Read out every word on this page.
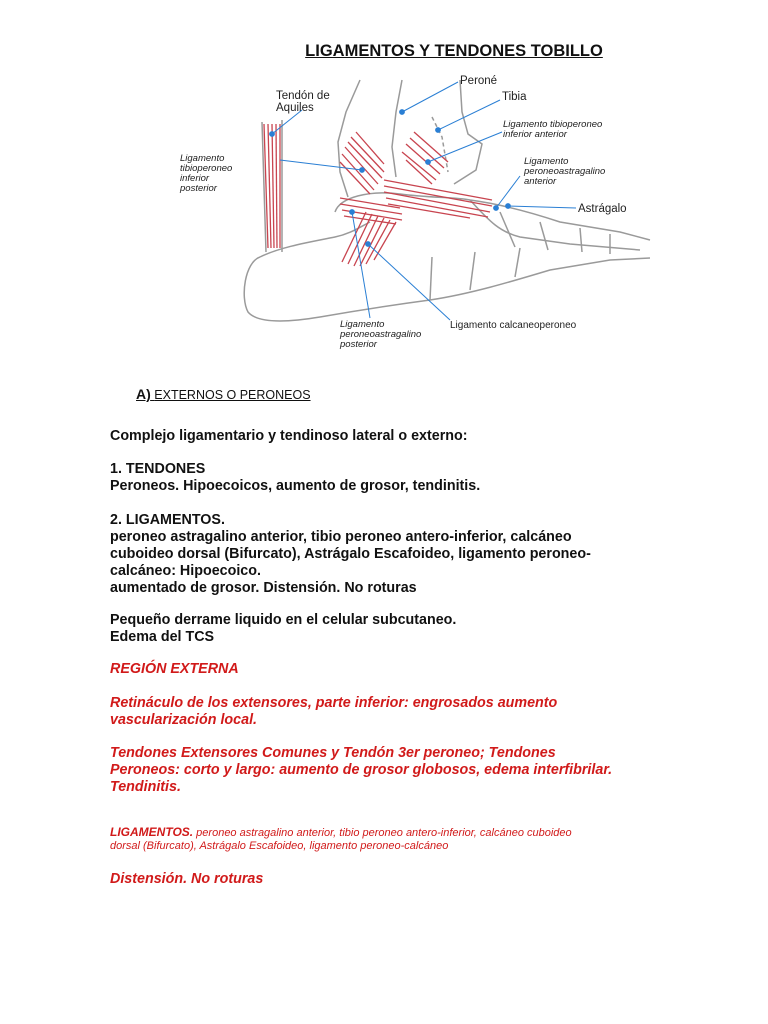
LIGAMENTOS Y TENDONES TOBILLO
Tendón de
Aquiles
Peroné
Tibia
Ligamento tibioperoneo
inferior anterior
Ligamento
tibioperoneo
inferior
posterior
Ligamento
peroneoastragalino
anterior
Astrágalo
Ligamento
peroneoastragalino
posterior
Ligamento calcaneoperoneo
A) EXTERNOS O PERONEOS
Complejo ligamentario y tendinoso lateral o externo:
1. TENDONES
Peroneos. Hipoecoicos, aumento de grosor, tendinitis.
2. LIGAMENTOS.
peroneo astragalino anterior, tibio peroneo antero-inferior, calcáneo
cuboideo dorsal (Bifurcato), Astrágalo Escafoideo, ligamento peroneo-
calcáneo: Hipoecoico.
aumentado de grosor. Distensión. No roturas
Pequeño derrame liquido en el celular subcutaneo.
Edema del TCS
REGIÓN EXTERNA
Retináculo de los extensores, parte inferior: engrosados aumento
vascularización local.
Tendones Extensores Comunes y Tendón 3er peroneo; Tendones
Peroneos: corto y largo: aumento de grosor globosos, edema interfibrilar.
Tendinitis.
LIGAMENTOS. peroneo astragalino anterior, tibio peroneo antero-inferior, calcáneo cuboideo
dorsal (Bifurcato), Astrágalo Escafoideo, ligamento peroneo-calcáneo
Distensión. No roturas
